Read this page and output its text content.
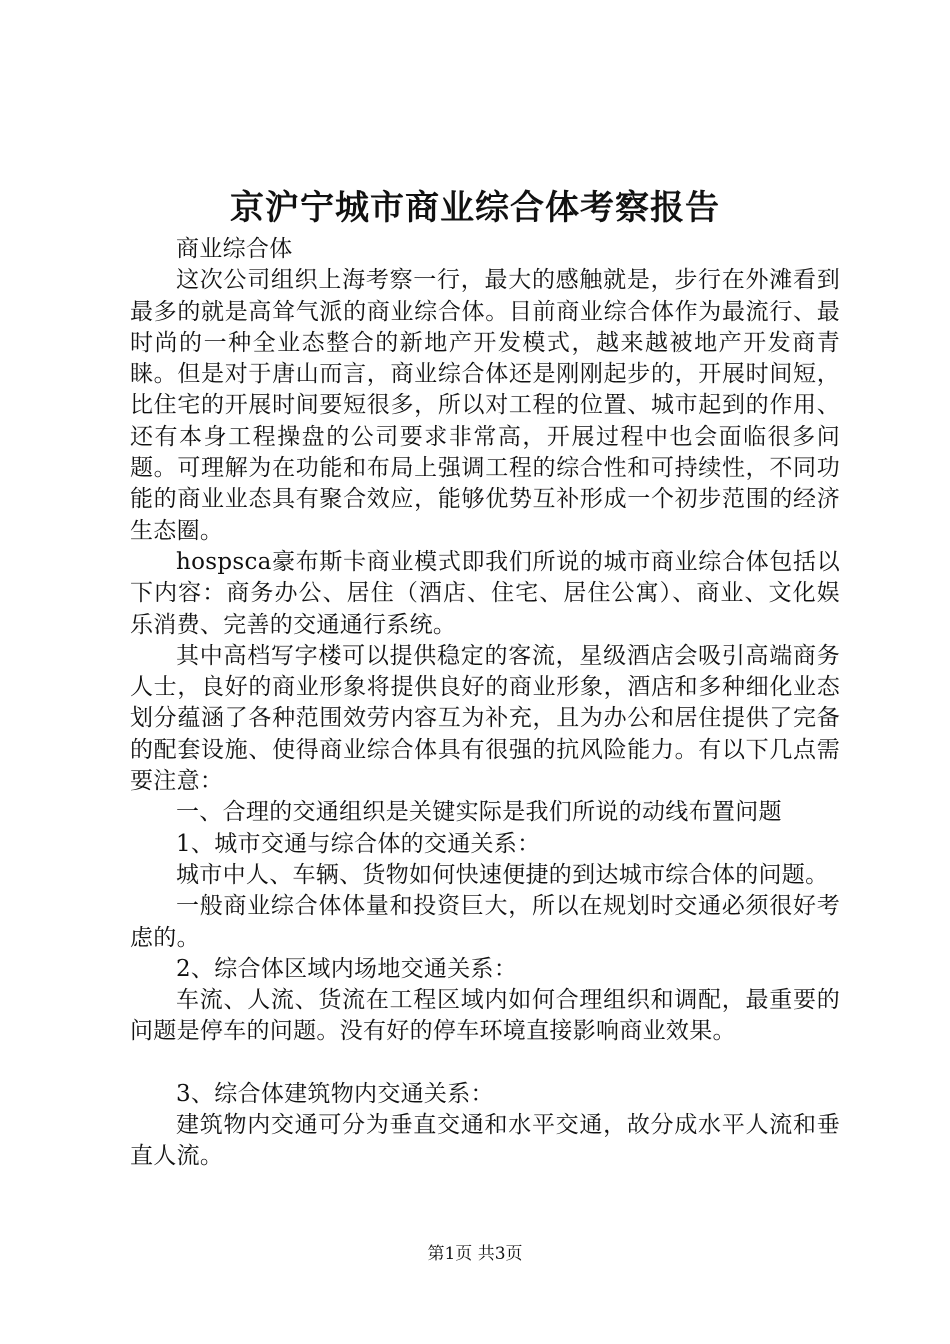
京沪宁城市商业综合体考察报告

商业综合体

这次公司组织上海考察一行，最大的感触就是，步行在外滩看到最多的就是高耸气派的商业综合体。目前商业综合体作为最流行、最时尚的一种全业态整合的新地产开发模式，越来越被地产开发商青睐。但是对于唐山而言，商业综合体还是刚刚起步的，开展时间短，比住宅的开展时间要短很多，所以对工程的位置、城市起到的作用、还有本身工程操盘的公司要求非常高，开展过程中也会面临很多问题。可理解为在功能和布局上强调工程的综合性和可持续性，不同功能的商业业态具有聚合效应，能够优势互补形成一个初步范围的经济生态圈。

hospsca豪布斯卡商业模式即我们所说的城市商业综合体包括以下内容：商务办公、居住（酒店、住宅、居住公寓）、商业、文化娱乐消费、完善的交通通行系统。

其中高档写字楼可以提供稳定的客流，星级酒店会吸引高端商务人士，良好的商业形象将提供良好的商业形象，酒店和多种细化业态划分蕴涵了各种范围效劳内容互为补充，且为办公和居住提供了完备的配套设施、使得商业综合体具有很强的抗风险能力。有以下几点需要注意：

一、合理的交通组织是关键实际是我们所说的动线布置问题

1、城市交通与综合体的交通关系：

城市中人、车辆、货物如何快速便捷的到达城市综合体的问题。

一般商业综合体体量和投资巨大，所以在规划时交通必须很好考虑的。

2、综合体区域内场地交通关系：

车流、人流、货流在工程区域内如何合理组织和调配，最重要的问题是停车的问题。没有好的停车环境直接影响商业效果。

3、综合体建筑物内交通关系：

建筑物内交通可分为垂直交通和水平交通，故分成水平人流和垂直人流。

第1页 共3页
